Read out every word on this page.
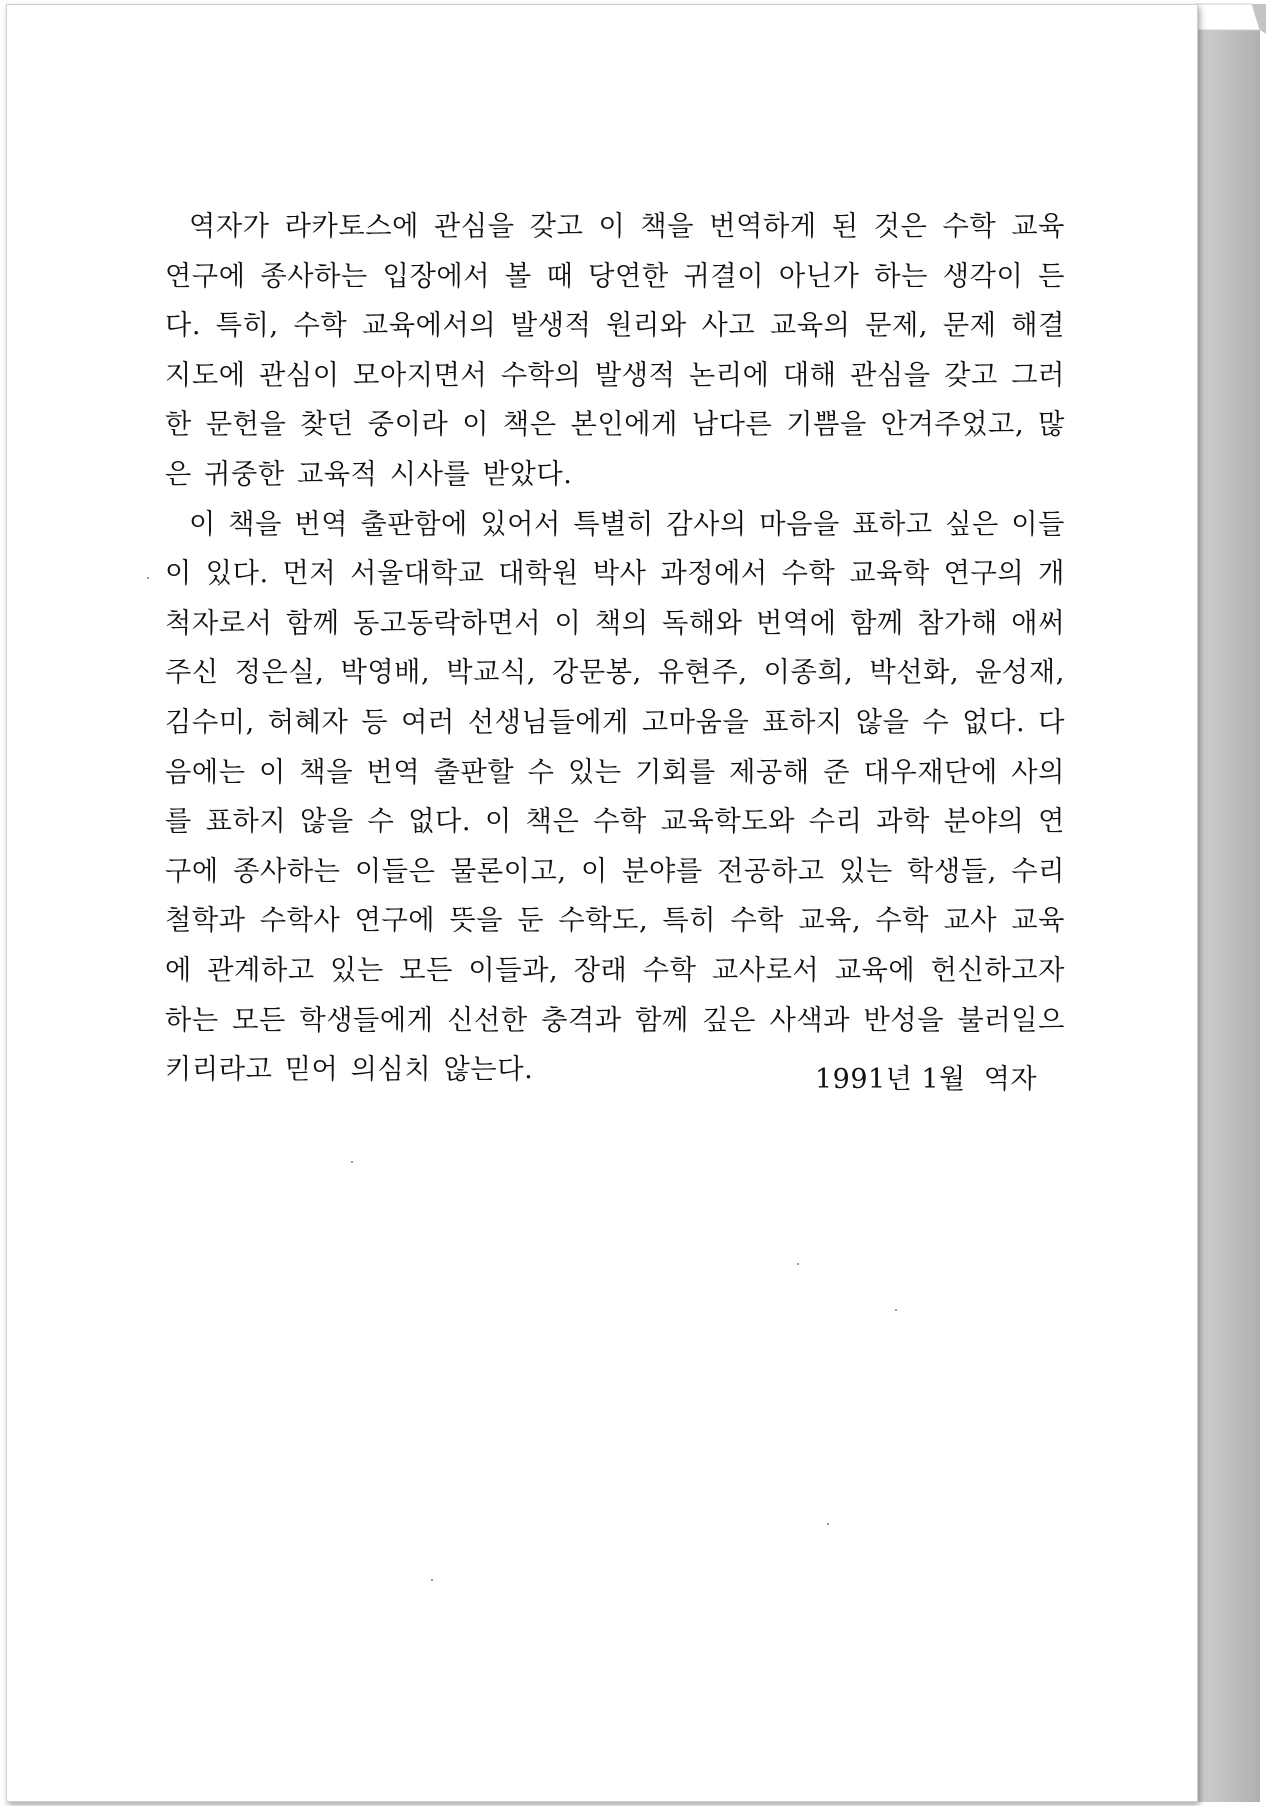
역자가 라카토스에 관심을 갖고 이 책을 번역하게 된 것은 수학 교육 연구에 종사하는 입장에서 볼 때 당연한 귀결이 아닌가 하는 생각이 든다. 특히, 수학 교육에서의 발생적 원리와 사고 교육의 문제, 문제 해결 지도에 관심이 모아지면서 수학의 발생적 논리에 대해 관심을 갖고 그러한 문헌을 찾던 중이라 이 책은 본인에게 남다른 기쁨을 안겨주었고, 많은 귀중한 교육적 시사를 받았다.

이 책을 번역 출판함에 있어서 특별히 감사의 마음을 표하고 싶은 이들이 있다. 먼저 서울대학교 대학원 박사 과정에서 수학 교육학 연구의 개척자로서 함께 동고동락하면서 이 책의 독해와 번역에 함께 참가해 애써 주신 정은실, 박영배, 박교식, 강문봉, 유현주, 이종희, 박선화, 윤성재, 김수미, 허혜자 등 여러 선생님들에게 고마움을 표하지 않을 수 없다. 다음에는 이 책을 번역 출판할 수 있는 기회를 제공해 준 대우재단에 사의를 표하지 않을 수 없다. 이 책은 수학 교육학도와 수리 과학 분야의 연구에 종사하는 이들은 물론이고, 이 분야를 전공하고 있는 학생들, 수리 철학과 수학사 연구에 뜻을 둔 수학도, 특히 수학 교육, 수학 교사 교육에 관계하고 있는 모든 이들과, 장래 수학 교사로서 교육에 헌신하고자 하는 모든 학생들에게 신선한 충격과 함께 깊은 사색과 반성을 불러일으키리라고 믿어 의심치 않는다.	1991년 1월  역자
